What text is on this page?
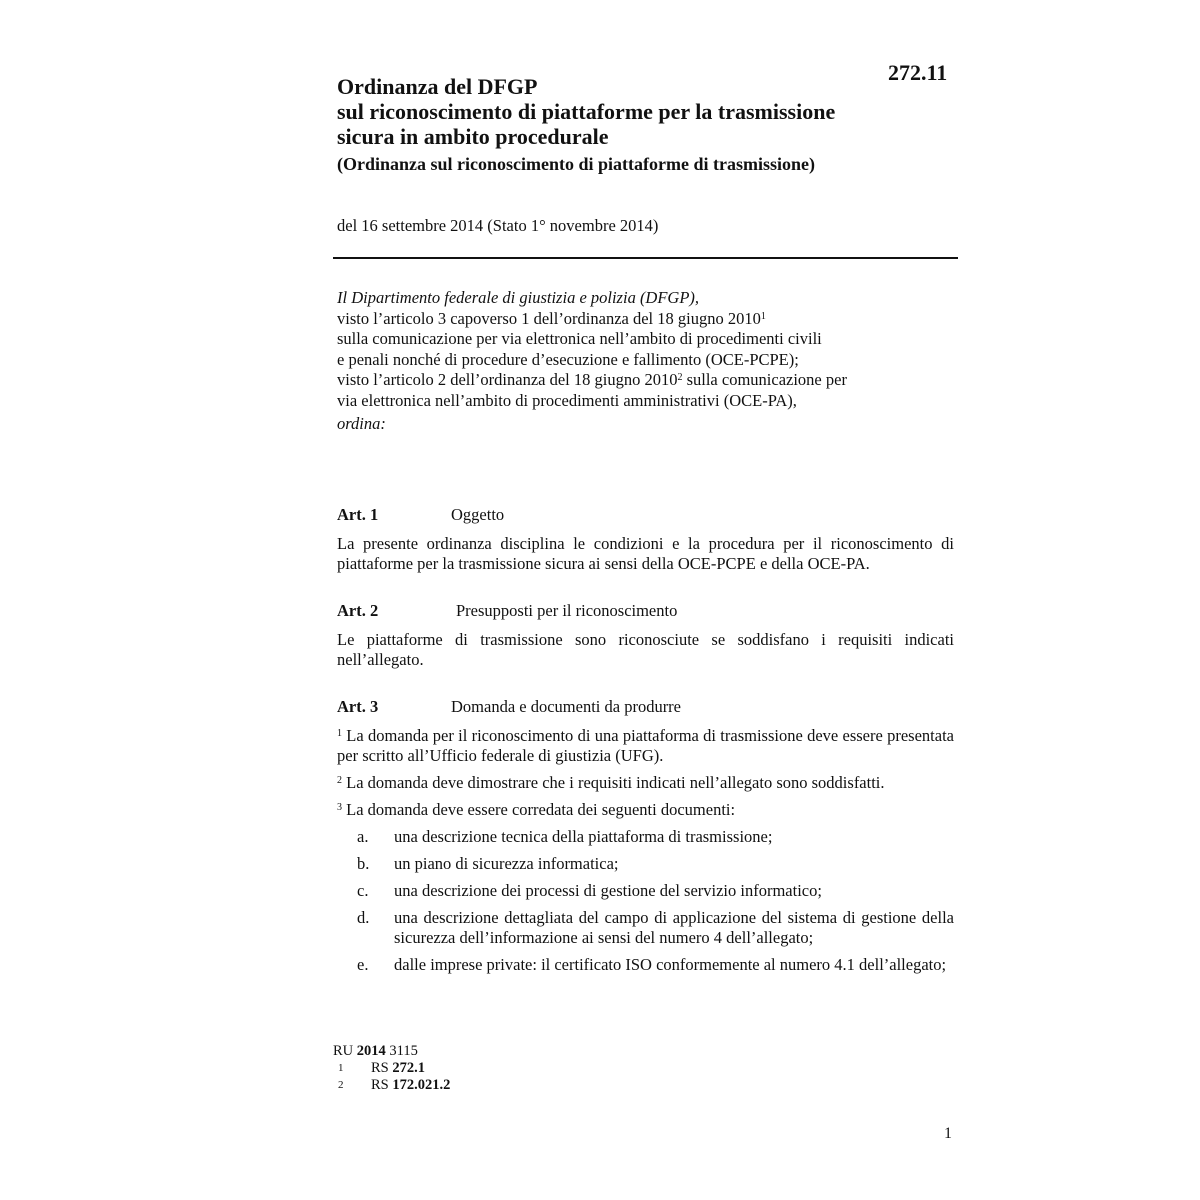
272.11
Ordinanza del DFGP
sul riconoscimento di piattaforme per la trasmissione
sicura in ambito procedurale
(Ordinanza sul riconoscimento di piattaforme di trasmissione)
del 16 settembre 2014 (Stato 1° novembre 2014)
Il Dipartimento federale di giustizia e polizia (DFGP),
visto l’articolo 3 capoverso 1 dell’ordinanza del 18 giugno 2010$^1$
sulla comunicazione per via elettronica nell’ambito di procedimenti civili
e penali nonché di procedure d’esecuzione e fallimento (OCE-PCPE);
visto l’articolo 2 dell’ordinanza del 18 giugno 2010$^2$ sulla comunicazione per
via elettronica nell’ambito di procedimenti amministrativi (OCE-PA),
ordina:
Art. 1	Oggetto
La presente ordinanza disciplina le condizioni e la procedura per il riconoscimento di piattaforme per la trasmissione sicura ai sensi della OCE-PCPE e della OCE-PA.
Art. 2	Presupposti per il riconoscimento
Le piattaforme di trasmissione sono riconosciute se soddisfano i requisiti indicati nell’allegato.
Art. 3	Domanda e documenti da produrre
$^1$ La domanda per il riconoscimento di una piattaforma di trasmissione deve essere presentata per scritto all’Ufficio federale di giustizia (UFG).
$^2$ La domanda deve dimostrare che i requisiti indicati nell’allegato sono soddisfatti.
$^3$ La domanda deve essere corredata dei seguenti documenti:
a.	una descrizione tecnica della piattaforma di trasmissione;
b.	un piano di sicurezza informatica;
c.	una descrizione dei processi di gestione del servizio informatico;
d.	una descrizione dettagliata del campo di applicazione del sistema di gestione della sicurezza dell’informazione ai sensi del numero 4 dell’allegato;
e.	dalle imprese private: il certificato ISO conformemente al numero 4.1 dell’allegato;
RU 2014 3115
1	RS
272.1
2	RS
172.021.2
1
